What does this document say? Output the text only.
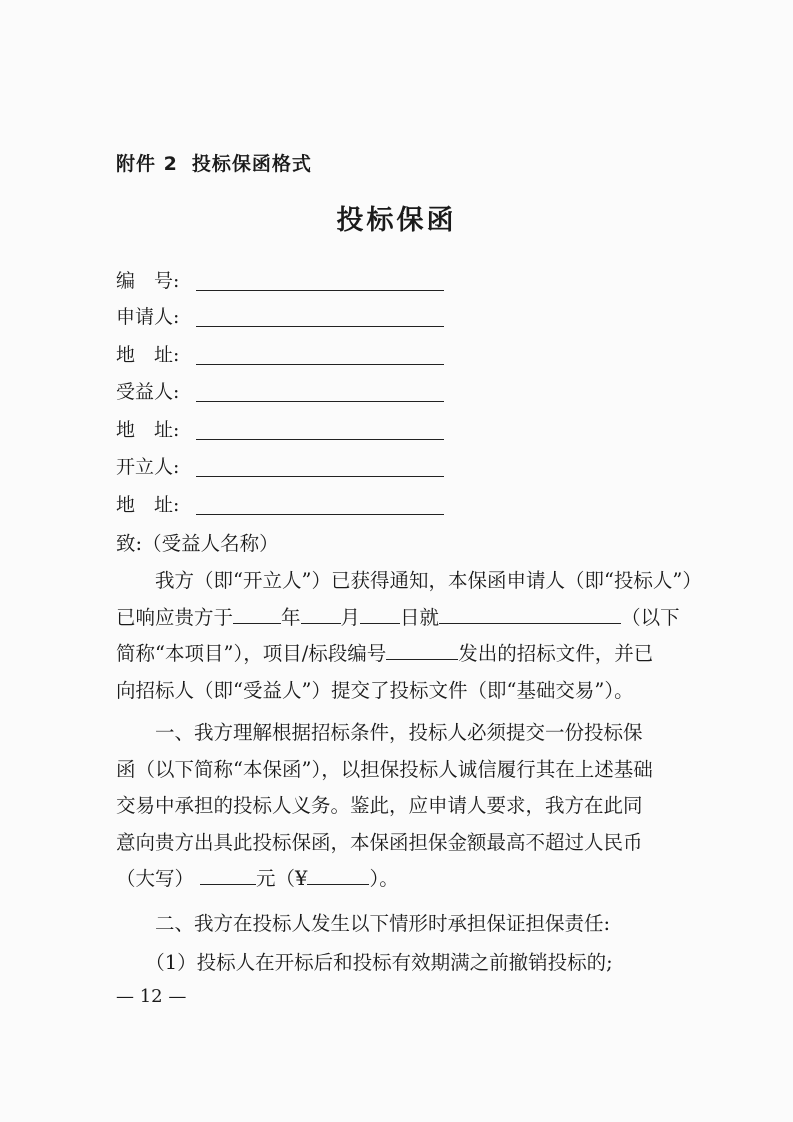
附件 2 投标保函格式
投标保函
编　号:
申请人:
地　址:
受益人:
地　址:
开立人:
地　址:
致:（受益人名称）
　　我方（即“开立人”）已获得通知，本保函申请人（即“投标人”）
已响应贵方于 年 月 日就	（以下
简称“本项目”），项目/标段编号	发出的招标文件，并已
向招标人（即“受益人”）提交了投标文件（即“基础交易”）。
　　一、我方理解根据招标条件，投标人必须提交一份投标保
函（以下简称“本保函”），以担保投标人诚信履行其在上述基础
交易中承担的投标人义务。鉴此，应申请人要求，我方在此同
意向贵方出具此投标保函，本保函担保金额最高不超过人民币
（大写）	元（¥	）。
　　二、我方在投标人发生以下情形时承担保证担保责任:
　　（1）投标人在开标后和投标有效期满之前撤销投标的;
— 12 —
